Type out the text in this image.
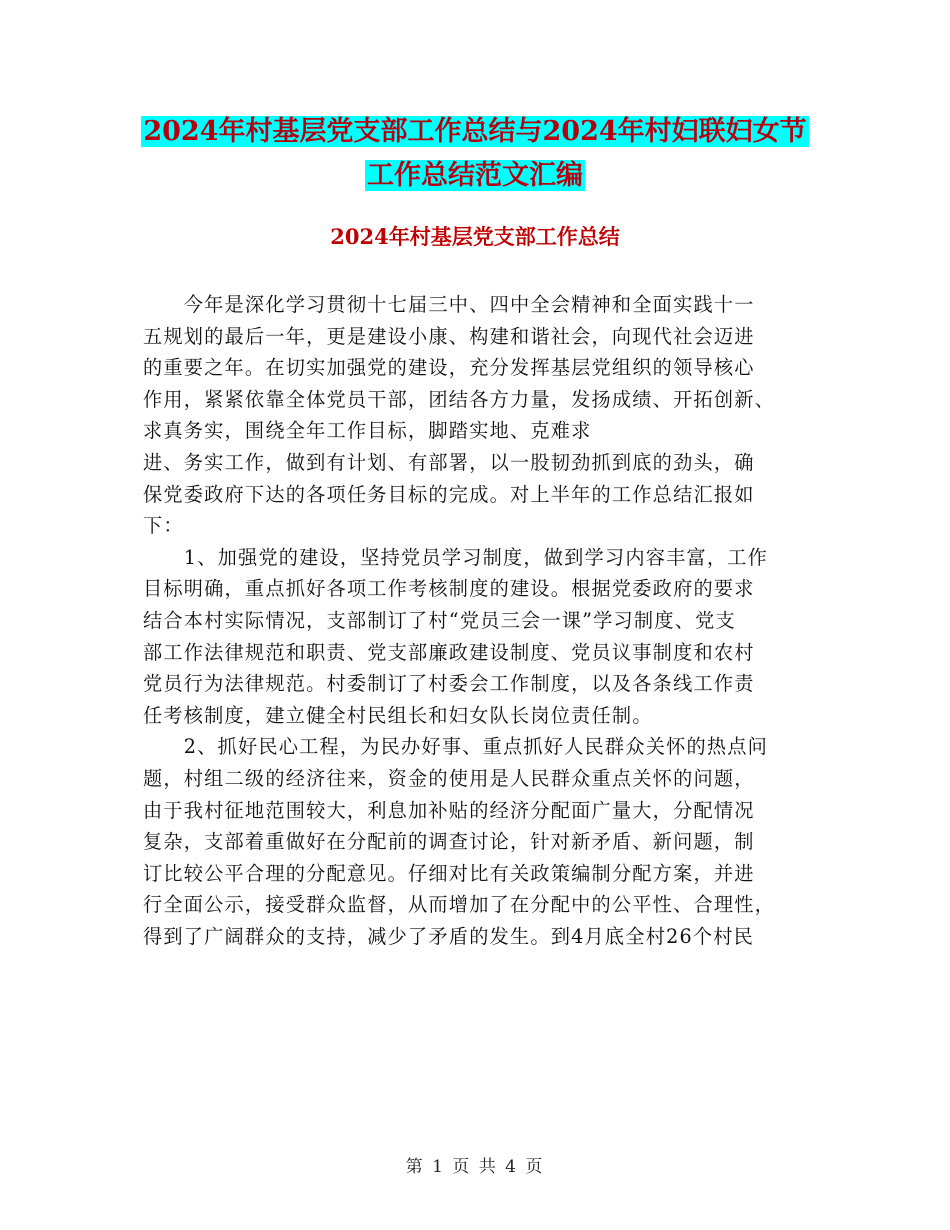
2024年村基层党支部工作总结与2024年村妇联妇女节
工作总结范文汇编
2024年村基层党支部工作总结
　　今年是深化学习贯彻十七届三中、四中全会精神和全面实践十一
五规划的最后一年，更是建设小康、构建和谐社会，向现代社会迈进
的重要之年。在切实加强党的建设，充分发挥基层党组织的领导核心
作用，紧紧依靠全体党员干部，团结各方力量，发扬成绩、开拓创新、
求真务实，围绕全年工作目标，脚踏实地、克难求
进、务实工作，做到有计划、有部署，以一股韧劲抓到底的劲头，确
保党委政府下达的各项任务目标的完成。对上半年的工作总结汇报如
下：
　　1、加强党的建设，坚持党员学习制度，做到学习内容丰富，工作
目标明确，重点抓好各项工作考核制度的建设。根据党委政府的要求
结合本村实际情况，支部制订了村“党员三会一课”学习制度、党支
部工作法律规范和职责、党支部廉政建设制度、党员议事制度和农村
党员行为法律规范。村委制订了村委会工作制度，以及各条线工作责
任考核制度，建立健全村民组长和妇女队长岗位责任制。
　　2、抓好民心工程，为民办好事、重点抓好人民群众关怀的热点问
题，村组二级的经济往来，资金的使用是人民群众重点关怀的问题，
由于我村征地范围较大，利息加补贴的经济分配面广量大，分配情况
复杂，支部着重做好在分配前的调查讨论，针对新矛盾、新问题，制
订比较公平合理的分配意见。仔细对比有关政策编制分配方案，并进
行全面公示，接受群众监督，从而增加了在分配中的公平性、合理性，
得到了广阔群众的支持，减少了矛盾的发生。到4月底全村26个村民
第 1 页 共 4 页
